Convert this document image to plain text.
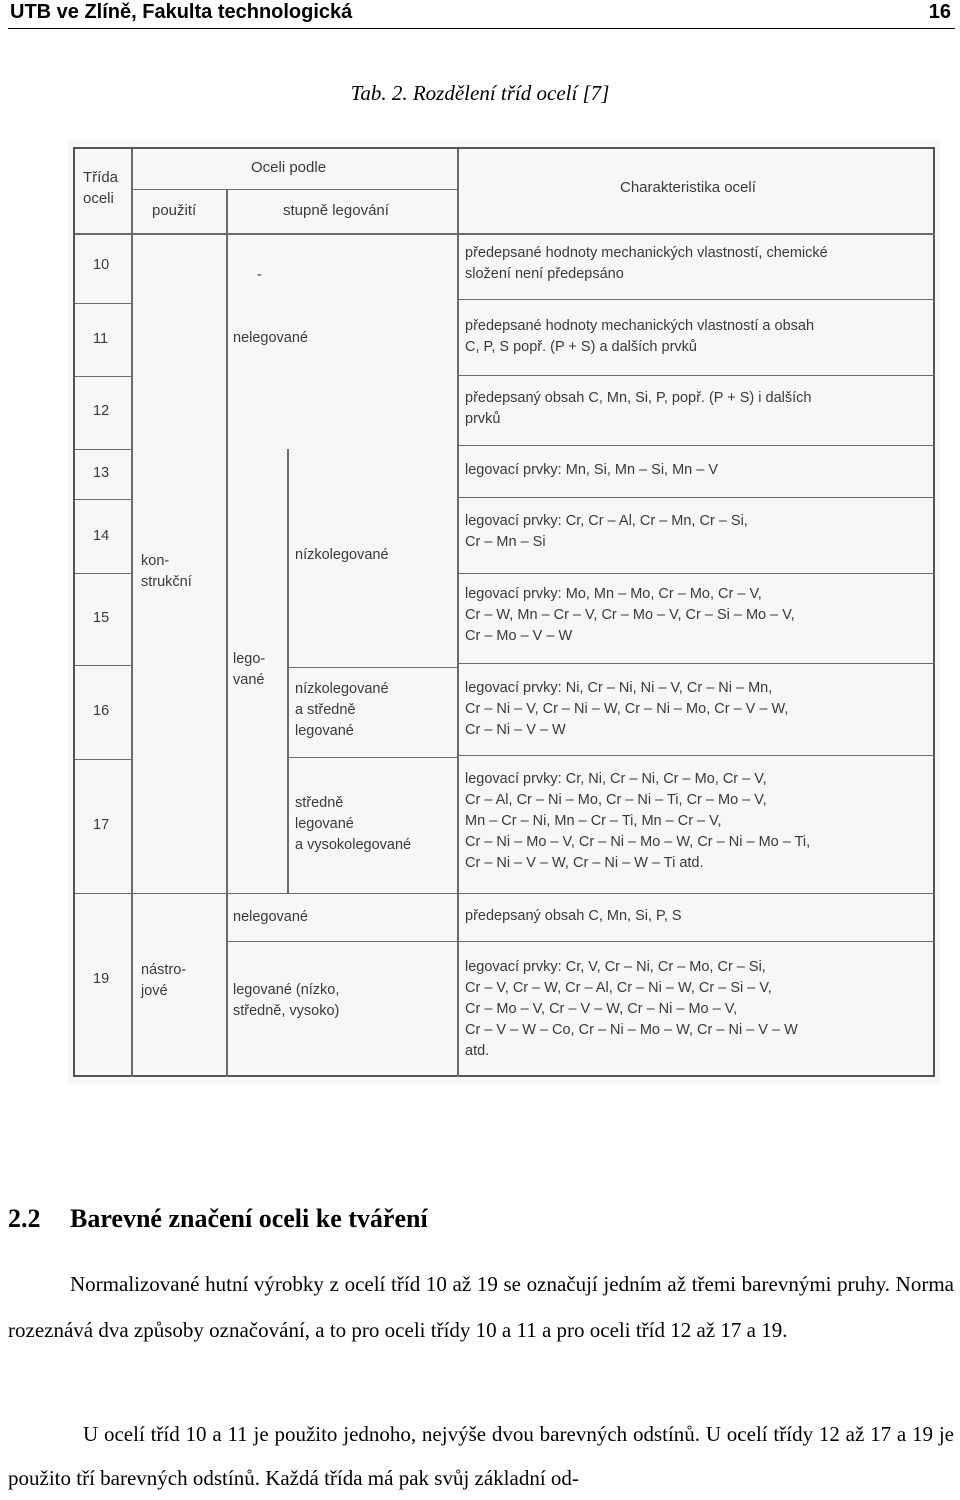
UTB ve Zlíně, Fakulta technologická	16
Tab. 2. Rozdělení tříd ocelí [7]
Třída
oceli
Oceli podle
použití	stupně legování
Charakteristika ocelí
10
11
12
13
14
15
16
17
19
kon-
strukční
nástro-
jové
-
nelegované
lego-
vané
nízkolegované
nízkolegované
a středně
legované
středně
legované
a vysokolegované
nelegované
legované (nízko,
středně, vysoko)
předepsané hodnoty mechanických vlastností, chemické
složení není předepsáno
předepsané hodnoty mechanických vlastností a obsah
C, P, S popř. (P + S) a dalších prvků
předepsaný obsah C, Mn, Si, P, popř. (P + S) i dalších
prvků
legovací prvky: Mn, Si, Mn – Si, Mn – V
legovací prvky: Cr, Cr – Al, Cr – Mn, Cr – Si,
Cr – Mn – Si
legovací prvky: Mo, Mn – Mo, Cr – Mo, Cr – V,
Cr – W, Mn – Cr – V, Cr – Mo – V, Cr – Si – Mo – V,
Cr – Mo – V – W
legovací prvky: Ni, Cr – Ni, Ni – V, Cr – Ni – Mn,
Cr – Ni – V, Cr – Ni – W, Cr – Ni – Mo, Cr – V – W,
Cr – Ni – V – W
legovací prvky: Cr, Ni, Cr – Ni, Cr – Mo, Cr – V,
Cr – Al, Cr – Ni – Mo, Cr – Ni – Ti, Cr – Mo – V,
Mn – Cr – Ni, Mn – Cr – Ti, Mn – Cr – V,
Cr – Ni – Mo – V, Cr – Ni – Mo – W, Cr – Ni – Mo – Ti,
Cr – Ni – V – W, Cr – Ni – W – Ti atd.
předepsaný obsah C, Mn, Si, P, S
legovací prvky: Cr, V, Cr – Ni, Cr – Mo, Cr – Si,
Cr – V, Cr – W, Cr – Al, Cr – Ni – W, Cr – Si – V,
Cr – Mo – V, Cr – V – W, Cr – Ni – Mo – V,
Cr – V – W – Co, Cr – Ni – Mo – W, Cr – Ni – V – W
atd.
2.2 Barevné značení oceli ke tváření

Normalizované hutní výrobky z ocelí tříd 10 až 19 se označují jedním až třemi barevnými pruhy. Norma rozeznává dva způsoby označování, a to pro oceli třídy 10 a 11 a pro oceli tříd 12 až 17 a 19.

U ocelí tříd 10 a 11 je použito jednoho, nejvýše dvou barevných odstínů. U ocelí třídy 12 až 17 a 19 je použito tří barevných odstínů. Každá třída má pak svůj základní od-
